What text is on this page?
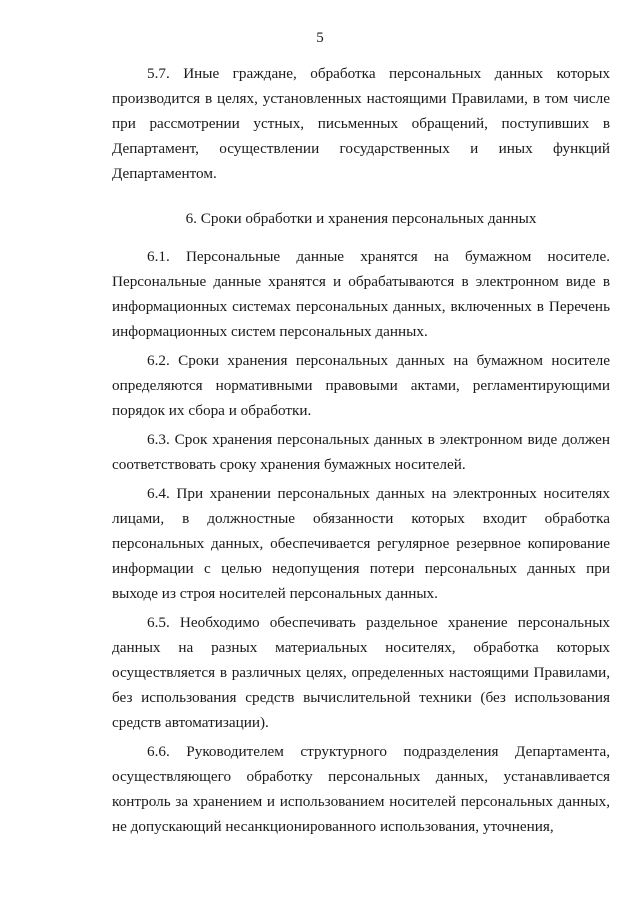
5

5.7. Иные граждане, обработка персональных данных которых производится в целях, установленных настоящими Правилами, в том числе при рассмотрении устных, письменных обращений, поступивших в Департамент, осуществлении государственных и иных функций Департаментом.

6. Сроки обработки и хранения персональных данных

6.1. Персональные данные хранятся на бумажном носителе. Персональные данные хранятся и обрабатываются в электронном виде в информационных системах персональных данных, включенных в Перечень информационных систем персональных данных.

6.2. Сроки хранения персональных данных на бумажном носителе определяются нормативными правовыми актами, регламентирующими порядок их сбора и обработки.

6.3. Срок хранения персональных данных в электронном виде должен соответствовать сроку хранения бумажных носителей.

6.4. При хранении персональных данных на электронных носителях лицами, в должностные обязанности которых входит обработка персональных данных, обеспечивается регулярное резервное копирование информации с целью недопущения потери персональных данных при выходе из строя носителей персональных данных.

6.5. Необходимо обеспечивать раздельное хранение персональных данных на разных материальных носителях, обработка которых осуществляется в различных целях, определенных настоящими Правилами, без использования средств вычислительной техники (без использования средств автоматизации).

6.6. Руководителем структурного подразделения Департамента, осуществляющего обработку персональных данных, устанавливается контроль за хранением и использованием носителей персональных данных, не допускающий несанкционированного использования, уточнения,
